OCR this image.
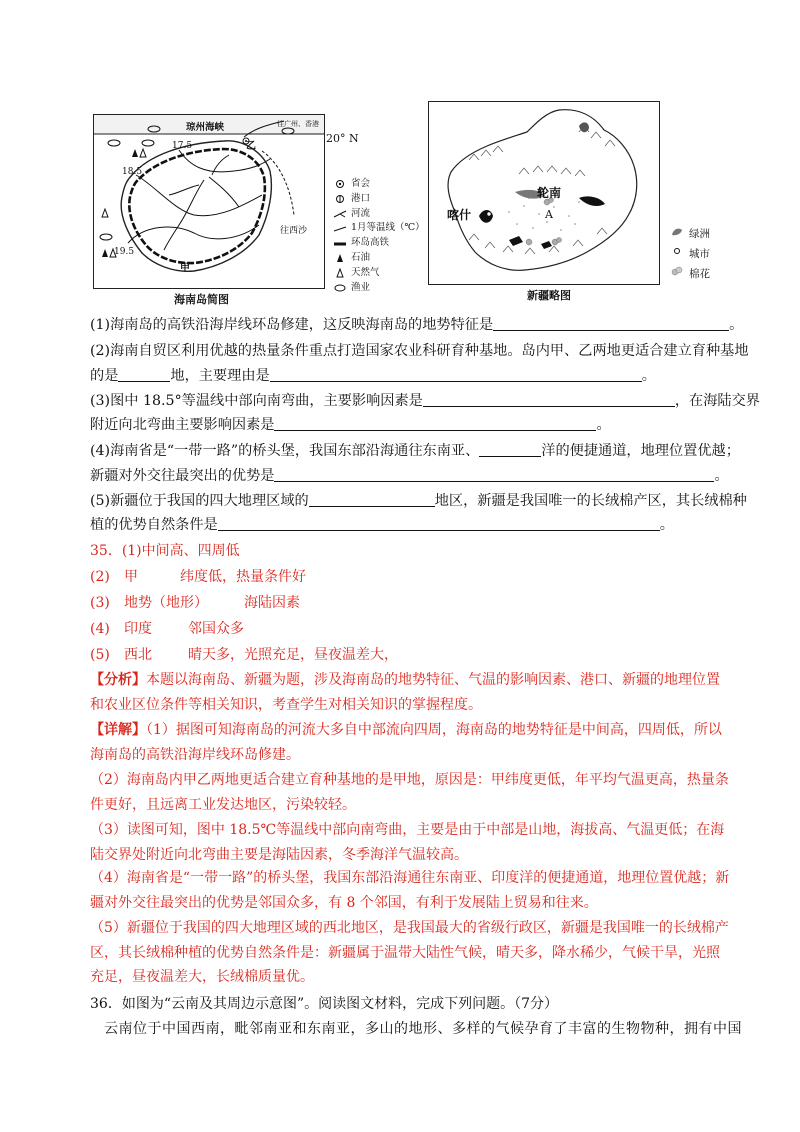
琼州海峡	往广州、香港
17.5
18.5
19.5
乙
甲
往西沙
20° N
海南岛简图
省会
港口
河流
1月等温线（℃）
环岛高铁
石油
天然气
渔业
喀什
轮南
A
新疆略图
绿洲
城市
棉花
(1)海南岛的高铁沿海岸线环岛修建，这反映海南岛的地势特征是	。
(2)海南自贸区利用优越的热量条件重点打造国家农业科研育种基地。岛内甲、乙两地更适合建立育种基地
的是	地，主要理由是	。
(3)图中 18.5°等温线中部向南弯曲，主要影响因素是	，在海陆交界
附近向北弯曲主要影响因素是	。
(4)海南省是“一带一路”的桥头堡，我国东部沿海通往东南亚、	洋的便捷通道，地理位置优越；
新疆对外交往最突出的优势是	。
(5)新疆位于我国的四大地理区域的	地区，新疆是我国唯一的长绒棉产区，其长绒棉种
植的优势自然条件是	。
35．(1)中间高、四周低
(2) 甲	纬度低，热量条件好
(3) 地势（地形）	海陆因素
(4) 印度	邻国众多
(5) 西北	晴天多，光照充足，昼夜温差大，
【分析】本题以海南岛、新疆为题，涉及海南岛的地势特征、气温的影响因素、港口、新疆的地理位置和农业区位条件等相关知识，考查学生对相关知识的掌握程度。
【详解】（1）据图可知海南岛的河流大多自中部流向四周，海南岛的地势特征是中间高，四周低，所以海南岛的高铁沿海岸线环岛修建。
（2）海南岛内甲乙两地更适合建立育种基地的是甲地，原因是：甲纬度更低，年平均气温更高，热量条件更好，且远离工业发达地区，污染较轻。
（3）读图可知，图中 18.5℃等温线中部向南弯曲，主要是由于中部是山地，海拔高、气温更低；在海陆交界处附近向北弯曲主要是海陆因素，冬季海洋气温较高。
（4）海南省是“一带一路”的桥头堡，我国东部沿海通往东南亚、印度洋的便捷通道，地理位置优越；新疆对外交往最突出的优势是邻国众多，有 8 个邻国，有利于发展陆上贸易和往来。
（5）新疆位于我国的四大地理区域的西北地区，是我国最大的省级行政区，新疆是我国唯一的长绒棉产区，其长绒棉种植的优势自然条件是：新疆属于温带大陆性气候，晴天多，降水稀少，气候干旱，光照充足，昼夜温差大，长绒棉质量优。
36．如图为“云南及其周边示意图”。阅读图文材料，完成下列问题。（7分）
云南位于中国西南，毗邻南亚和东南亚，多山的地形、多样的气候孕育了丰富的生物物种，拥有中国
